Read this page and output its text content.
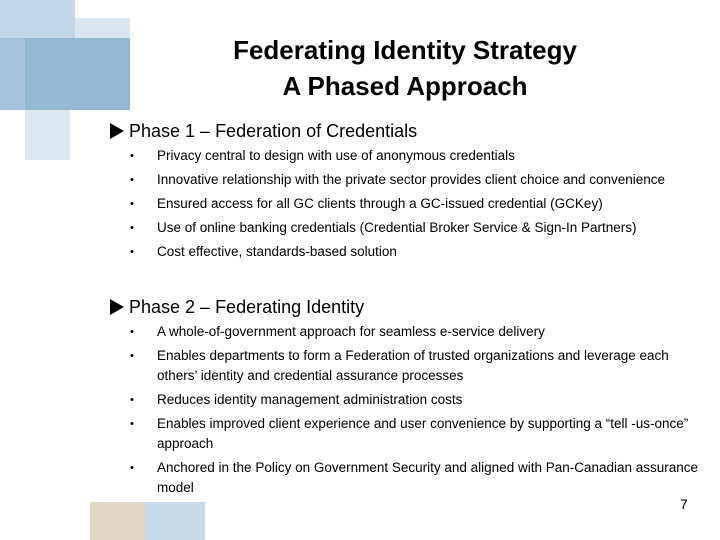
Federating Identity Strategy
A Phased Approach
Phase 1 – Federation of Credentials
• Privacy central to design with use of anonymous credentials
• Innovative relationship with the private sector provides client choice and convenience
• Ensured access for all GC clients through a GC-issued credential (GCKey)
• Use of online banking credentials (Credential Broker Service & Sign-In Partners)
• Cost effective, standards-based solution
Phase 2 – Federating Identity
• A whole-of-government approach for seamless e-service delivery
• Enables departments to form a Federation of trusted organizations and leverage each others’ identity and credential assurance processes
• Reduces identity management administration costs
• Enables improved client experience and user convenience by supporting a “tell -us-once” approach
• Anchored in the Policy on Government Security and aligned with Pan-Canadian assurance model
7
